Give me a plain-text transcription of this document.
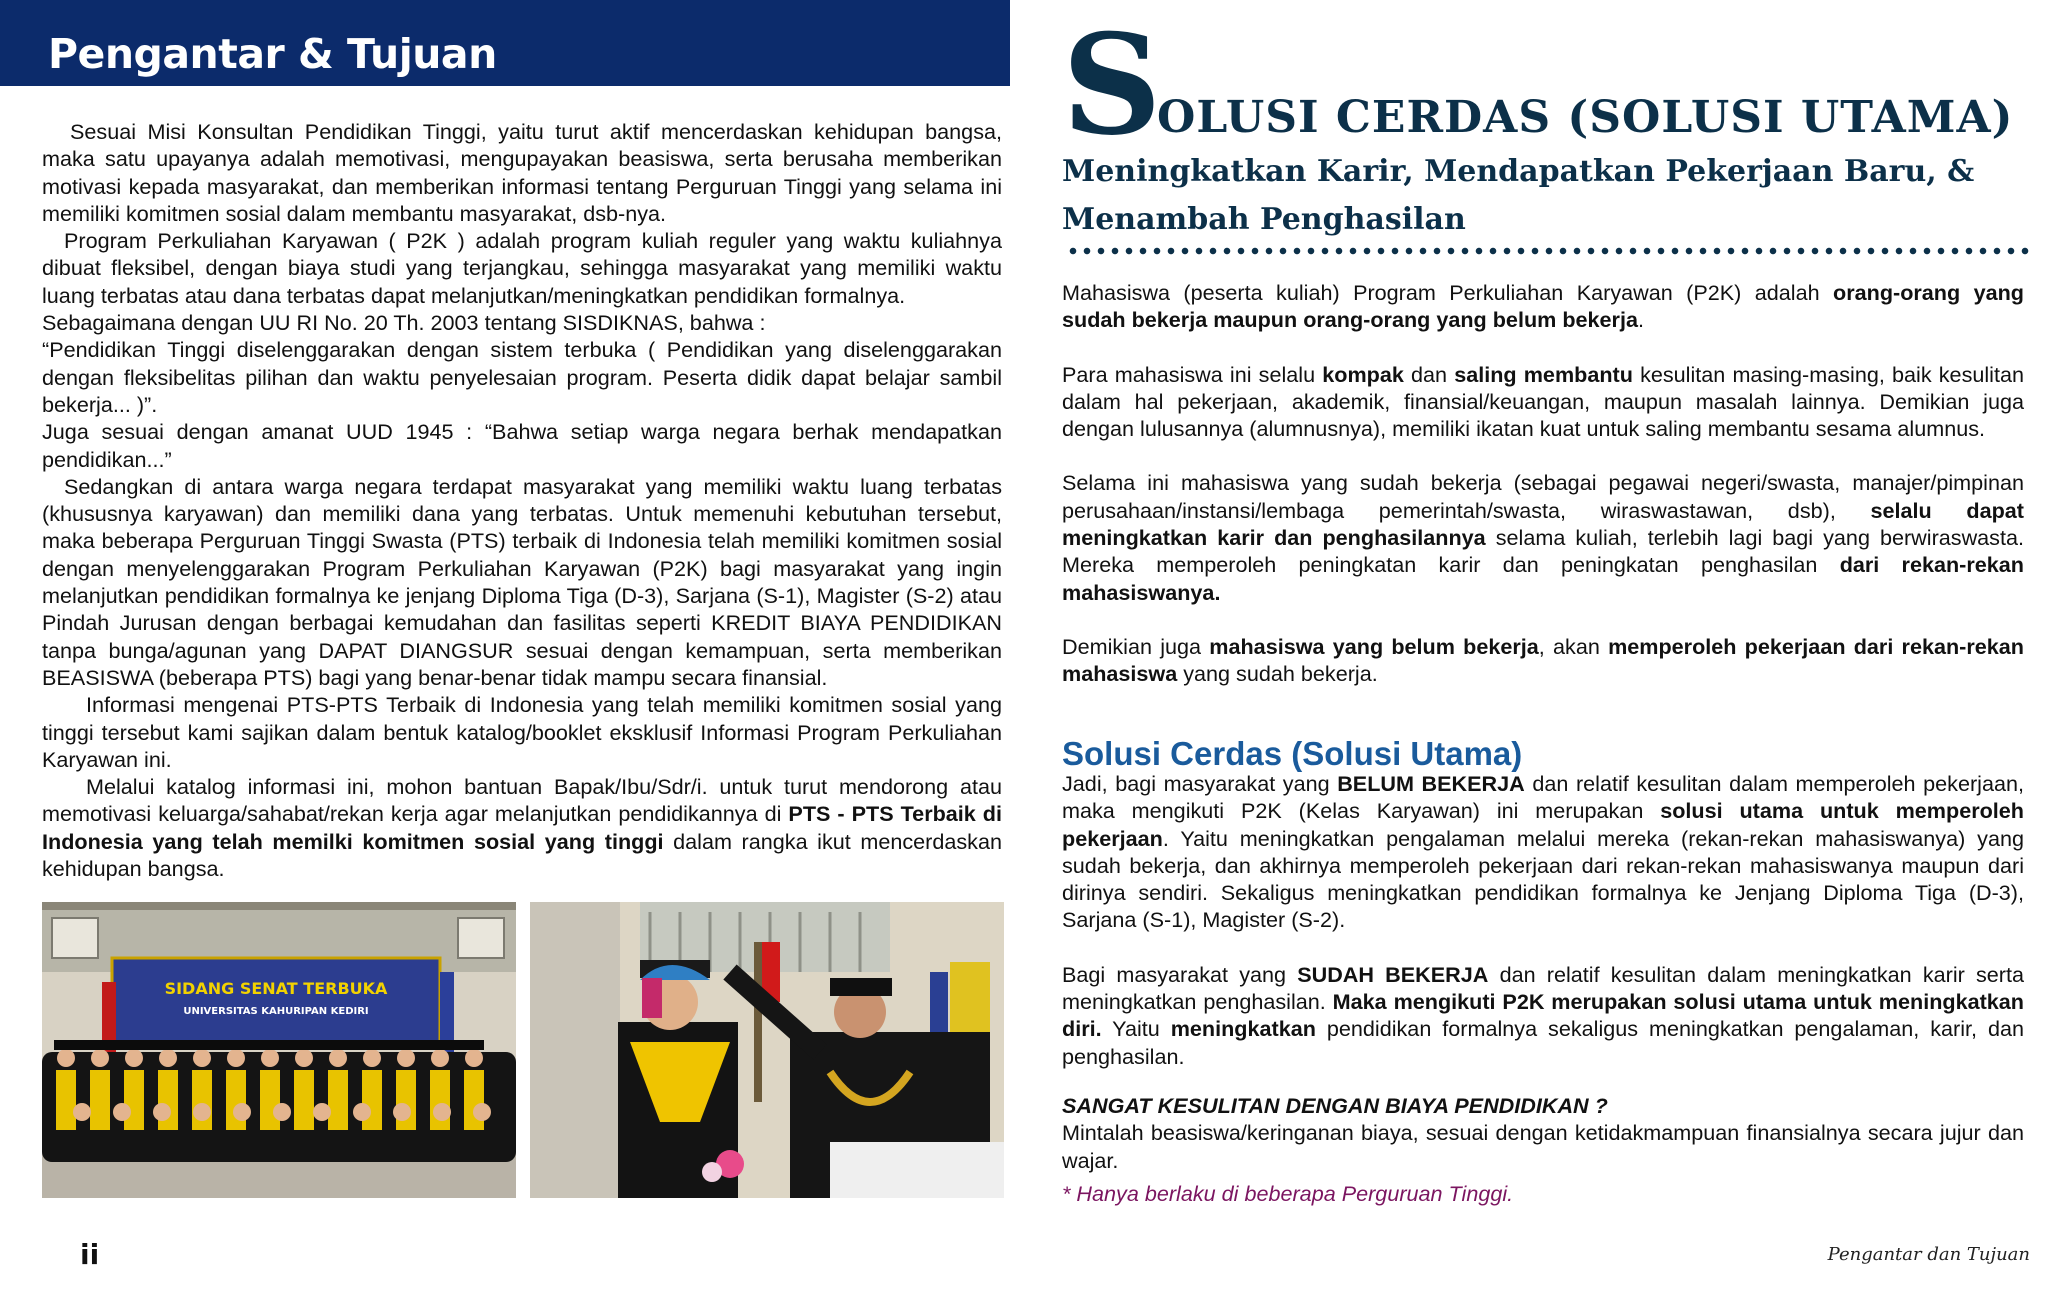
Pengantar & Tujuan

Sesuai Misi Konsultan Pendidikan Tinggi, yaitu turut aktif mencerdaskan kehidupan bangsa, maka satu upayanya adalah memotivasi, mengupayakan beasiswa, serta berusaha memberikan motivasi kepada masyarakat, dan memberikan informasi tentang Perguruan Tinggi yang selama ini memiliki komitmen sosial dalam membantu masyarakat, dsb-nya.

Program Perkuliahan Karyawan ( P2K ) adalah program kuliah reguler yang waktu kuliahnya dibuat fleksibel, dengan biaya studi yang terjangkau, sehingga masyarakat yang memiliki waktu luang terbatas atau dana terbatas dapat melanjutkan/meningkatkan pendidikan formalnya.

Sebagaimana dengan UU RI No. 20 Th. 2003 tentang SISDIKNAS, bahwa :

“Pendidikan Tinggi diselenggarakan dengan sistem terbuka ( Pendidikan yang diselenggarakan dengan fleksibelitas pilihan dan waktu penyelesaian program. Peserta didik dapat belajar sambil bekerja... )”.

Juga sesuai dengan amanat UUD 1945 : “Bahwa setiap warga negara berhak mendapatkan pendidikan...”

Sedangkan di antara warga negara terdapat masyarakat yang memiliki waktu luang terbatas (khususnya karyawan) dan memiliki dana yang terbatas. Untuk memenuhi kebutuhan tersebut, maka beberapa Perguruan Tinggi Swasta (PTS) terbaik di Indonesia telah memiliki komitmen sosial dengan menyelenggarakan Program Perkuliahan Karyawan (P2K) bagi masyarakat yang ingin melanjutkan pendidikan formalnya ke jenjang Diploma Tiga (D-3), Sarjana (S-1), Magister (S-2) atau Pindah Jurusan dengan berbagai kemudahan dan fasilitas seperti KREDIT BIAYA PENDIDIKAN tanpa bunga/agunan yang DAPAT DIANGSUR sesuai dengan kemampuan, serta memberikan BEASISWA (beberapa PTS) bagi yang benar-benar tidak mampu secara finansial.

Informasi mengenai PTS-PTS Terbaik di Indonesia yang telah memiliki komitmen sosial yang tinggi tersebut kami sajikan dalam bentuk katalog/booklet eksklusif Informasi Program Perkuliahan Karyawan ini.

Melalui katalog informasi ini, mohon bantuan Bapak/Ibu/Sdr/i. untuk turut mendorong atau memotivasi keluarga/sahabat/rekan kerja agar melanjutkan pendidikannya di PTS - PTS Terbaik di Indonesia yang telah memilki komitmen sosial yang tinggi dalam rangka ikut mencerdaskan kehidupan bangsa.

SIDANG SENAT TERBUKA
UNIVERSITAS KAHURIPAN KEDIRI
ii
S
OLUSI CERDAS (SOLUSI UTAMA)
Meningkatkan Karir, Mendapatkan Pekerjaan Baru, & Menambah Penghasilan

Mahasiswa (peserta kuliah) Program Perkuliahan Karyawan (P2K) adalah orang-orang yang sudah bekerja maupun orang-orang yang belum bekerja.

Para mahasiswa ini selalu kompak dan saling membantu kesulitan masing-masing, baik kesulitan dalam hal pekerjaan, akademik, finansial/keuangan, maupun masalah lainnya. Demikian juga dengan lulusannya (alumnusnya), memiliki ikatan kuat untuk saling membantu sesama alumnus.

Selama ini mahasiswa yang sudah bekerja (sebagai pegawai negeri/swasta, manajer/pimpinan perusahaan/instansi/lembaga pemerintah/swasta, wiraswastawan, dsb), selalu dapat meningkatkan karir dan penghasilannya selama kuliah, terlebih lagi bagi yang berwiraswasta. Mereka memperoleh peningkatan karir dan peningkatan penghasilan dari rekan-rekan mahasiswanya.

Demikian juga mahasiswa yang belum bekerja, akan memperoleh pekerjaan dari rekan-rekan mahasiswa yang sudah bekerja.

Solusi Cerdas (Solusi Utama)

Jadi, bagi masyarakat yang BELUM BEKERJA dan relatif kesulitan dalam memperoleh pekerjaan, maka mengikuti P2K (Kelas Karyawan) ini merupakan solusi utama untuk memperoleh pekerjaan. Yaitu meningkatkan pengalaman melalui mereka (rekan-rekan mahasiswanya) yang sudah bekerja, dan akhirnya memperoleh pekerjaan dari rekan-rekan mahasiswanya maupun dari dirinya sendiri. Sekaligus meningkatkan pendidikan formalnya ke Jenjang Diploma Tiga (D-3), Sarjana (S-1), Magister (S-2).

Bagi masyarakat yang SUDAH BEKERJA dan relatif kesulitan dalam meningkatkan karir serta meningkatkan penghasilan. Maka mengikuti P2K merupakan solusi utama untuk meningkatkan diri. Yaitu meningkatkan pendidikan formalnya sekaligus meningkatkan pengalaman, karir, dan penghasilan.

SANGAT KESULITAN DENGAN BIAYA PENDIDIKAN ?

Mintalah beasiswa/keringanan biaya, sesuai dengan ketidakmampuan finansialnya secara jujur dan wajar.

* Hanya berlaku di beberapa Perguruan Tinggi.

Pengantar dan Tujuan
